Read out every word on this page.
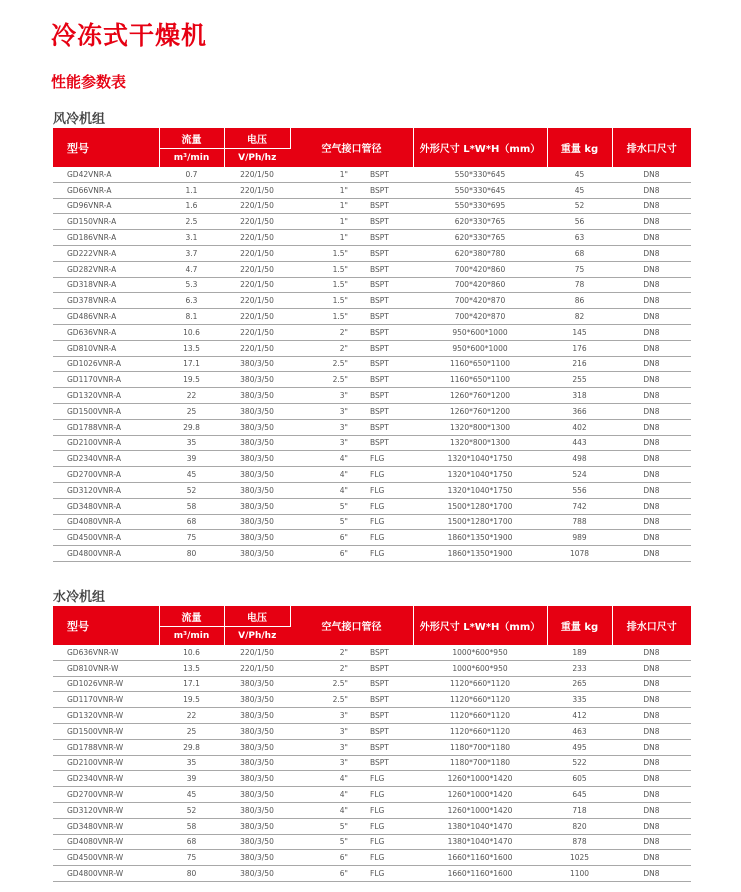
冷冻式干燥机
性能参数表
风冷机组
型号	流量	电压	空气接口管径		外形尺寸 L*W*H（mm）	重量 kg	排水口尺寸
	m³/min	V/Ph/hz					
GD42VNR-A	0.7	220/1/50	1"	BSPT	550*330*645	45	DN8
GD66VNR-A	1.1	220/1/50	1"	BSPT	550*330*645	45	DN8
GD96VNR-A	1.6	220/1/50	1"	BSPT	550*330*695	52	DN8
GD150VNR-A	2.5	220/1/50	1"	BSPT	620*330*765	56	DN8
GD186VNR-A	3.1	220/1/50	1"	BSPT	620*330*765	63	DN8
GD222VNR-A	3.7	220/1/50	1.5"	BSPT	620*380*780	68	DN8
GD282VNR-A	4.7	220/1/50	1.5"	BSPT	700*420*860	75	DN8
GD318VNR-A	5.3	220/1/50	1.5"	BSPT	700*420*860	78	DN8
GD378VNR-A	6.3	220/1/50	1.5"	BSPT	700*420*870	86	DN8
GD486VNR-A	8.1	220/1/50	1.5"	BSPT	700*420*870	82	DN8
GD636VNR-A	10.6	220/1/50	2"	BSPT	950*600*1000	145	DN8
GD810VNR-A	13.5	220/1/50	2"	BSPT	950*600*1000	176	DN8
GD1026VNR-A	17.1	380/3/50	2.5"	BSPT	1160*650*1100	216	DN8
GD1170VNR-A	19.5	380/3/50	2.5"	BSPT	1160*650*1100	255	DN8
GD1320VNR-A	22	380/3/50	3"	BSPT	1260*760*1200	318	DN8
GD1500VNR-A	25	380/3/50	3"	BSPT	1260*760*1200	366	DN8
GD1788VNR-A	29.8	380/3/50	3"	BSPT	1320*800*1300	402	DN8
GD2100VNR-A	35	380/3/50	3"	BSPT	1320*800*1300	443	DN8
GD2340VNR-A	39	380/3/50	4"	FLG	1320*1040*1750	498	DN8
GD2700VNR-A	45	380/3/50	4"	FLG	1320*1040*1750	524	DN8
GD3120VNR-A	52	380/3/50	4"	FLG	1320*1040*1750	556	DN8
GD3480VNR-A	58	380/3/50	5"	FLG	1500*1280*1700	742	DN8
GD4080VNR-A	68	380/3/50	5"	FLG	1500*1280*1700	788	DN8
GD4500VNR-A	75	380/3/50	6"	FLG	1860*1350*1900	989	DN8
GD4800VNR-A	80	380/3/50	6"	FLG	1860*1350*1900	1078	DN8
水冷机组
型号	流量	电压	空气接口管径		外形尺寸 L*W*H（mm）	重量 kg	排水口尺寸
	m³/min	V/Ph/hz					
GD636VNR-W	10.6	220/1/50	2"	BSPT	1000*600*950	189	DN8
GD810VNR-W	13.5	220/1/50	2"	BSPT	1000*600*950	233	DN8
GD1026VNR-W	17.1	380/3/50	2.5"	BSPT	1120*660*1120	265	DN8
GD1170VNR-W	19.5	380/3/50	2.5"	BSPT	1120*660*1120	335	DN8
GD1320VNR-W	22	380/3/50	3"	BSPT	1120*660*1120	412	DN8
GD1500VNR-W	25	380/3/50	3"	BSPT	1120*660*1120	463	DN8
GD1788VNR-W	29.8	380/3/50	3"	BSPT	1180*700*1180	495	DN8
GD2100VNR-W	35	380/3/50	3"	BSPT	1180*700*1180	522	DN8
GD2340VNR-W	39	380/3/50	4"	FLG	1260*1000*1420	605	DN8
GD2700VNR-W	45	380/3/50	4"	FLG	1260*1000*1420	645	DN8
GD3120VNR-W	52	380/3/50	4"	FLG	1260*1000*1420	718	DN8
GD3480VNR-W	58	380/3/50	5"	FLG	1380*1040*1470	820	DN8
GD4080VNR-W	68	380/3/50	5"	FLG	1380*1040*1470	878	DN8
GD4500VNR-W	75	380/3/50	6"	FLG	1660*1160*1600	1025	DN8
GD4800VNR-W	80	380/3/50	6"	FLG	1660*1160*1600	1100	DN8
